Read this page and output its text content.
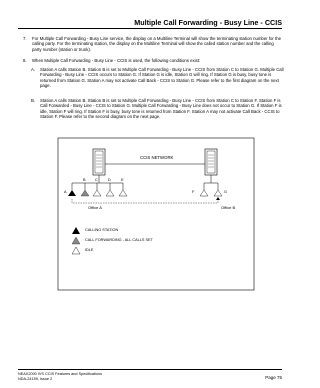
Multiple Call Forwarding - Busy Line - CCIS
7. For Multiple Call Forwarding - Busy Line service, the display on a Multiline Terminal will show the terminating station number for the calling party. For the terminating station, the display on the Multiline Terminal will show the called station number and the calling party number (station or trunk).
8. When Multiple Call Forwarding - Busy Line - CCIS is used, the following conditions exist:
A. Station A calls Station B. Station B is set to Multiple Call Forwarding - Busy Line - CCIS from Station C to Station G. Multiple Call Forwarding - Busy Line - CCIS occurs to Station G. If Station G is idle, Station G will ring. If Station G is busy, busy tone is returned from Station G. Station A may not activate Call Back - CCIS to Station G. Please refer to the first diagram on the next page.
B. Station A calls Station B. Station B is set to Multiple Call Forwarding - Busy Line - CCIS from Station C to Station F. Station F is Call Forwarded - Busy Line - CCIS to Station G. Multiple Call Forwarding - Busy Line does not occur to Station G. If Station F is idle, Station F will ring. If Station F is busy, busy tone is returned from Station F. Station A may not activate Call Back - CCIS to Station F. Please refer to the second diagram on the next page.
CCIS NETWORK
A
B C	D	E
F	G
Office A	Office B
CALLING STATION
CALL FORWARDING - ALL CALLS SET
IDLE
NEAX2000 IVS CCIS Features and Specifications
NDA-24159, Issue 2	Page 75
